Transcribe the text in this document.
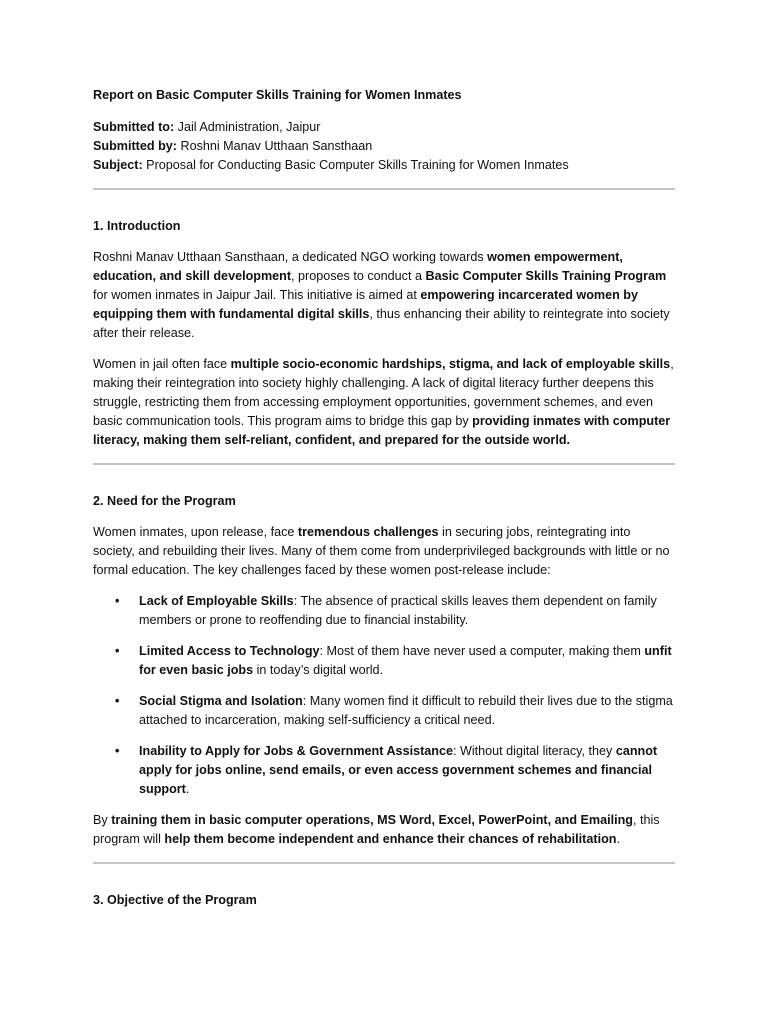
Report on Basic Computer Skills Training for Women Inmates

Submitted to: Jail Administration, Jaipur

Submitted by: Roshni Manav Utthaan Sansthaan

Subject: Proposal for Conducting Basic Computer Skills Training for Women Inmates

1. Introduction

Roshni Manav Utthaan Sansthaan, a dedicated NGO working towards women empowerment, education, and skill development, proposes to conduct a Basic Computer Skills Training Program for women inmates in Jaipur Jail. This initiative is aimed at empowering incarcerated women by equipping them with fundamental digital skills, thus enhancing their ability to reintegrate into society after their release.

Women in jail often face multiple socio-economic hardships, stigma, and lack of employable skills, making their reintegration into society highly challenging. A lack of digital literacy further deepens this struggle, restricting them from accessing employment opportunities, government schemes, and even basic communication tools. This program aims to bridge this gap by providing inmates with computer literacy, making them self-reliant, confident, and prepared for the outside world.

2. Need for the Program

Women inmates, upon release, face tremendous challenges in securing jobs, reintegrating into society, and rebuilding their lives. Many of them come from underprivileged backgrounds with little or no formal education. The key challenges faced by these women post-release include:

• Lack of Employable Skills: The absence of practical skills leaves them dependent on family members or prone to reoffending due to financial instability.
• Limited Access to Technology: Most of them have never used a computer, making them unfit for even basic jobs in today’s digital world.
• Social Stigma and Isolation: Many women find it difficult to rebuild their lives due to the stigma attached to incarceration, making self-sufficiency a critical need.
• Inability to Apply for Jobs & Government Assistance: Without digital literacy, they cannot apply for jobs online, send emails, or even access government schemes and financial support.

By training them in basic computer operations, MS Word, Excel, PowerPoint, and Emailing, this program will help them become independent and enhance their chances of rehabilitation.

3. Objective of the Program
